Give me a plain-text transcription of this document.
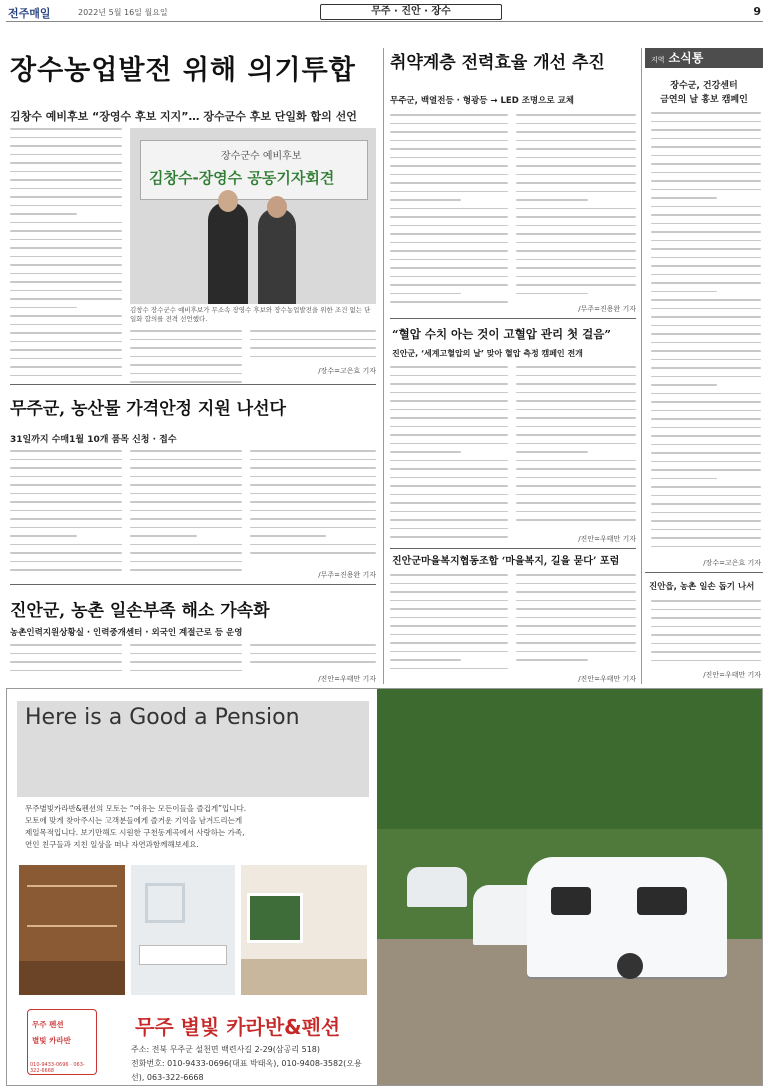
전주매일	2022년 5월 16일 월요일	무주 · 진안 · 장수	9
장수농업발전 위해 의기투합
김창수 예비후보 “장영수 후보 지지”… 장수군수 후보 단일화 합의 선언
장수군수 예비후보
김창수-장영수 공동기자회견
김창수 장수군수 예비후보가 무소속 장영수 후보와 장수농업발전을 위한 조건 없는 단일화 합의를 전격 선언했다.
/장수=고은효 기자
무주군, 농산물 가격안정 지원 나선다
31일까지 수매1월 10개 품목 신청 · 접수
/무주=진용완 기자
진안군, 농촌 일손부족 해소 가속화
농촌인력지원상황실 · 인력중개센터 · 외국인 계절근로 등 운영
/진안=우태만 기자
취약계층 전력효율 개선 추진
무주군, 백열전등 · 형광등 → LED 조명으로 교체
/무주=진용완 기자
“혈압 수치 아는 것이 고혈압 관리 첫 걸음”
진안군, ‘세계고혈압의 날’ 맞아 혈압 측정 캠페인 전개
/진안=우태만 기자
진안군마을복지협동조합 ‘마을복지, 길을 묻다’ 포럼
/진안=우태만 기자
지역 소식통
장수군, 건강센터
금연의 날 홍보 캠페인
/장수=고은효 기자
진안읍, 농촌 일손 돕기 나서
/진안=우태만 기자
Here is a Good a Pension
무주별빛카라반&펜션의 모토는 “여유는 모든이들을 즐겁게”입니다.
모토에 맞게 찾아주시는 고객분들에게 즐거운 기억을 남겨드리는게
제일목적입니다. 보기만해도 시원한 구천동계곡에서 사랑하는 가족,
연인 친구들과 지친 일상을 떠나 자연과함께해보세요.
무주 펜션
별빛 카라반
010-9433-0696 · 063-322-6668
무주 별빛 카라반&펜션
주소: 전북 무주군 설천면 백련사길 2-29(삼공리 518)
전화번호: 010-9433-0696(대표 박태옥), 010-9408-3582(오용선), 063-322-6668
